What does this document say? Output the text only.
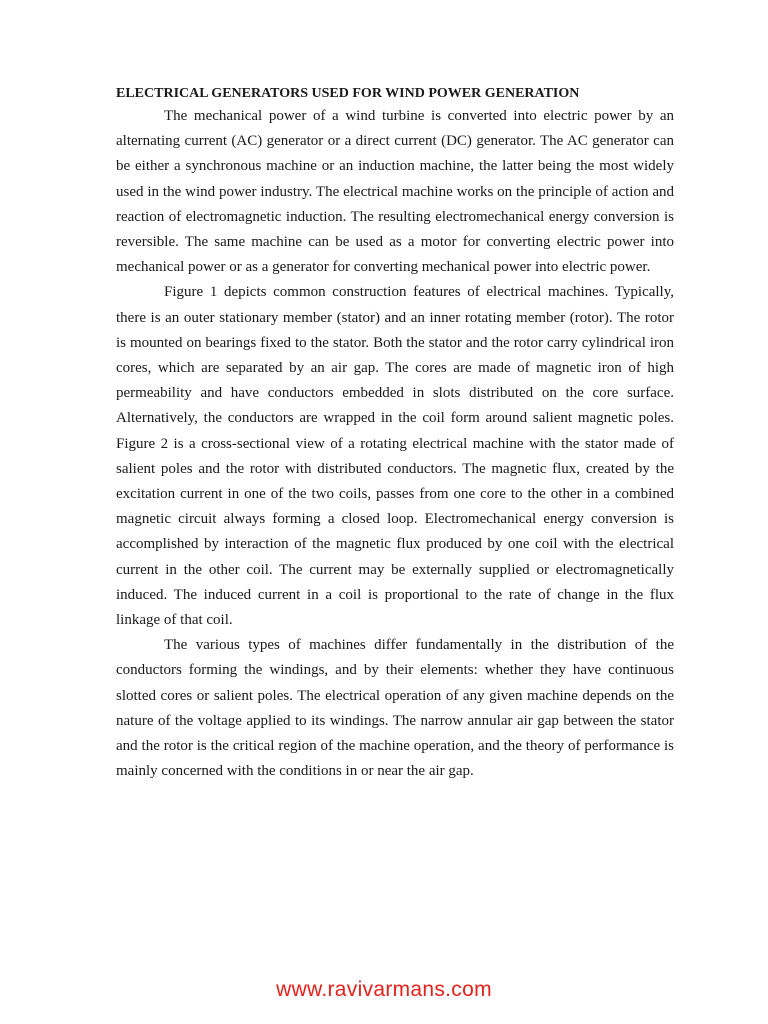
ELECTRICAL GENERATORS USED FOR WIND POWER GENERATION

The mechanical power of a wind turbine is converted into electric power by an alternating current (AC) generator or a direct current (DC) generator. The AC generator can be either a synchronous machine or an induction machine, the latter being the most widely used in the wind power industry. The electrical machine works on the principle of action and reaction of electromagnetic induction. The resulting electromechanical energy conversion is reversible. The same machine can be used as a motor for converting electric power into mechanical power or as a generator for converting mechanical power into electric power.

Figure 1 depicts common construction features of electrical machines. Typically, there is an outer stationary member (stator) and an inner rotating member (rotor). The rotor is mounted on bearings fixed to the stator. Both the stator and the rotor carry cylindrical iron cores, which are separated by an air gap. The cores are made of magnetic iron of high permeability and have conductors embedded in slots distributed on the core surface. Alternatively, the conductors are wrapped in the coil form around salient magnetic poles. Figure 2 is a cross-sectional view of a rotating electrical machine with the stator made of salient poles and the rotor with distributed conductors. The magnetic flux, created by the excitation current in one of the two coils, passes from one core to the other in a combined magnetic circuit always forming a closed loop. Electromechanical energy conversion is accomplished by interaction of the magnetic flux produced by one coil with the electrical current in the other coil. The current may be externally supplied or electromagnetically induced. The induced current in a coil is proportional to the rate of change in the flux linkage of that coil.

The various types of machines differ fundamentally in the distribution of the conductors forming the windings, and by their elements: whether they have continuous slotted cores or salient poles. The electrical operation of any given machine depends on the nature of the voltage applied to its windings. The narrow annular air gap between the stator and the rotor is the critical region of the machine operation, and the theory of performance is mainly concerned with the conditions in or near the air gap.

www.ravivarmans.com
